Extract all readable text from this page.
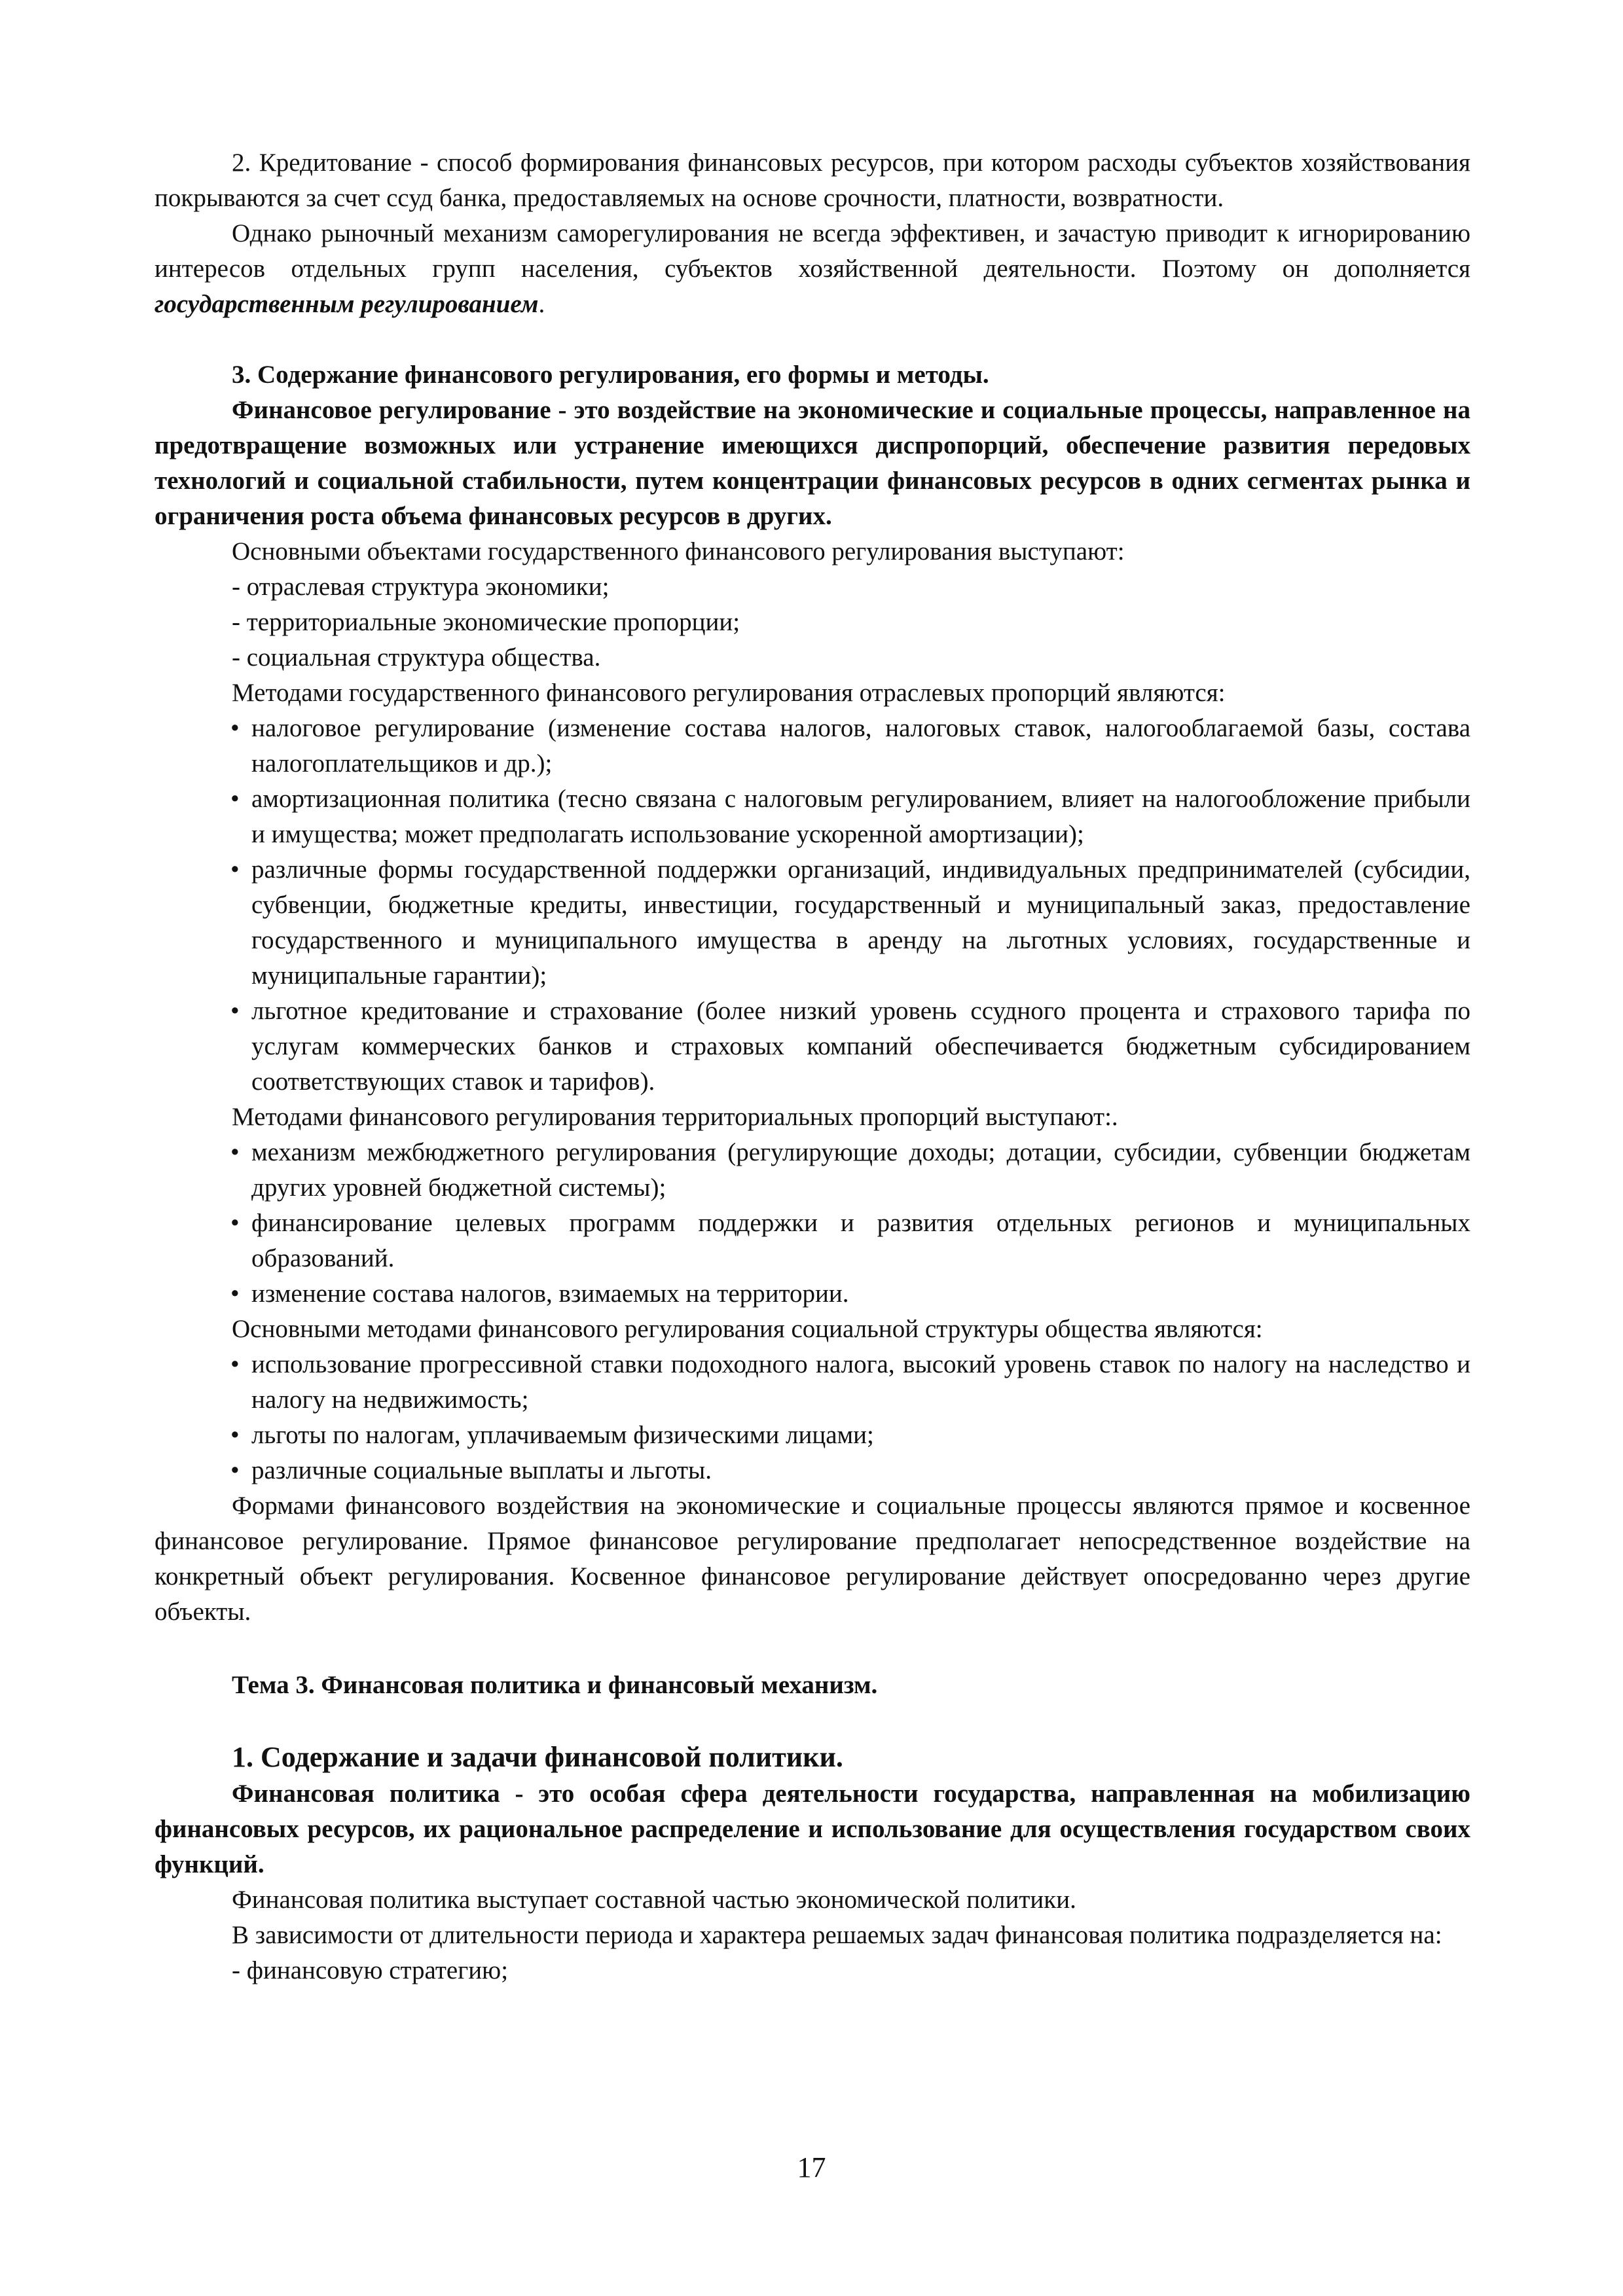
2. Кредитование - способ формирования финансовых ресурсов, при котором расходы субъектов хозяйствования покрываются за счет ссуд банка, предоставляемых на основе срочности, платности, возвратности.

Однако рыночный механизм саморегулирования не всегда эффективен, и зачастую приводит к игнорированию интересов отдельных групп населения, субъектов хозяйственной деятельности. Поэтому он дополняется государственным регулированием.

3. Содержание финансового регулирования, его формы и методы.

Финансовое регулирование - это воздействие на экономические и социальные процессы, направленное на предотвращение возможных или устранение имеющихся диспропорций, обеспечение развития передовых технологий и социальной стабильности, путем концентрации финансовых ресурсов в одних сегментах рынка и ограничения роста объема финансовых ресурсов в других.

Основными объектами государственного финансового регулирования выступают:

- отраслевая структура экономики;

- территориальные экономические пропорции;

- социальная структура общества.

Методами государственного финансового регулирования отраслевых пропорций являются:

• налоговое регулирование (изменение состава налогов, налоговых ставок, налогооблагаемой базы, состава налогоплательщиков и др.);
• амортизационная политика (тесно связана с налоговым регулированием, влияет на налогообложение прибыли и имущества; может предполагать использование ускоренной амортизации);
• различные формы государственной поддержки организаций, индивидуальных предпринимателей (субсидии, субвенции, бюджетные кредиты, инвестиции, государственный и муниципальный заказ, предоставление государственного и муниципального имущества в аренду на льготных условиях, государственные и муниципальные гарантии);
• льготное кредитование и страхование (более низкий уровень ссудного процента и страхового тарифа по услугам коммерческих банков и страховых компаний обеспечивается бюджетным субсидированием соответствующих ставок и тарифов).

Методами финансового регулирования территориальных пропорций выступают:.

• механизм межбюджетного регулирования (регулирующие доходы; дотации, субсидии, субвенции бюджетам других уровней бюджетной системы);
• финансирование целевых программ поддержки и развития отдельных регионов и муниципальных образований.
• изменение состава налогов, взимаемых на территории.

Основными методами финансового регулирования социальной структуры общества являются:

• использование прогрессивной ставки подоходного налога, высокий уровень ставок по налогу на наследство и налогу на недвижимость;
• льготы по налогам, уплачиваемым физическими лицами;
• различные социальные выплаты и льготы.

Формами финансового воздействия на экономические и социальные процессы являются прямое и косвенное финансовое регулирование. Прямое финансовое регулирование предполагает непосредственное воздействие на конкретный объект регулирования. Косвенное финансовое регулирование действует опосредованно через другие объекты.

Тема 3. Финансовая политика и финансовый механизм.

1. Содержание и задачи финансовой политики.

Финансовая политика - это особая сфера деятельности государства, направленная на мобилизацию финансовых ресурсов, их рациональное распределение и использование для осуществления государством своих функций.

Финансовая политика выступает составной частью экономической политики.

В зависимости от длительности периода и характера решаемых задач финансовая политика подразделяется на:

- финансовую стратегию;

17
